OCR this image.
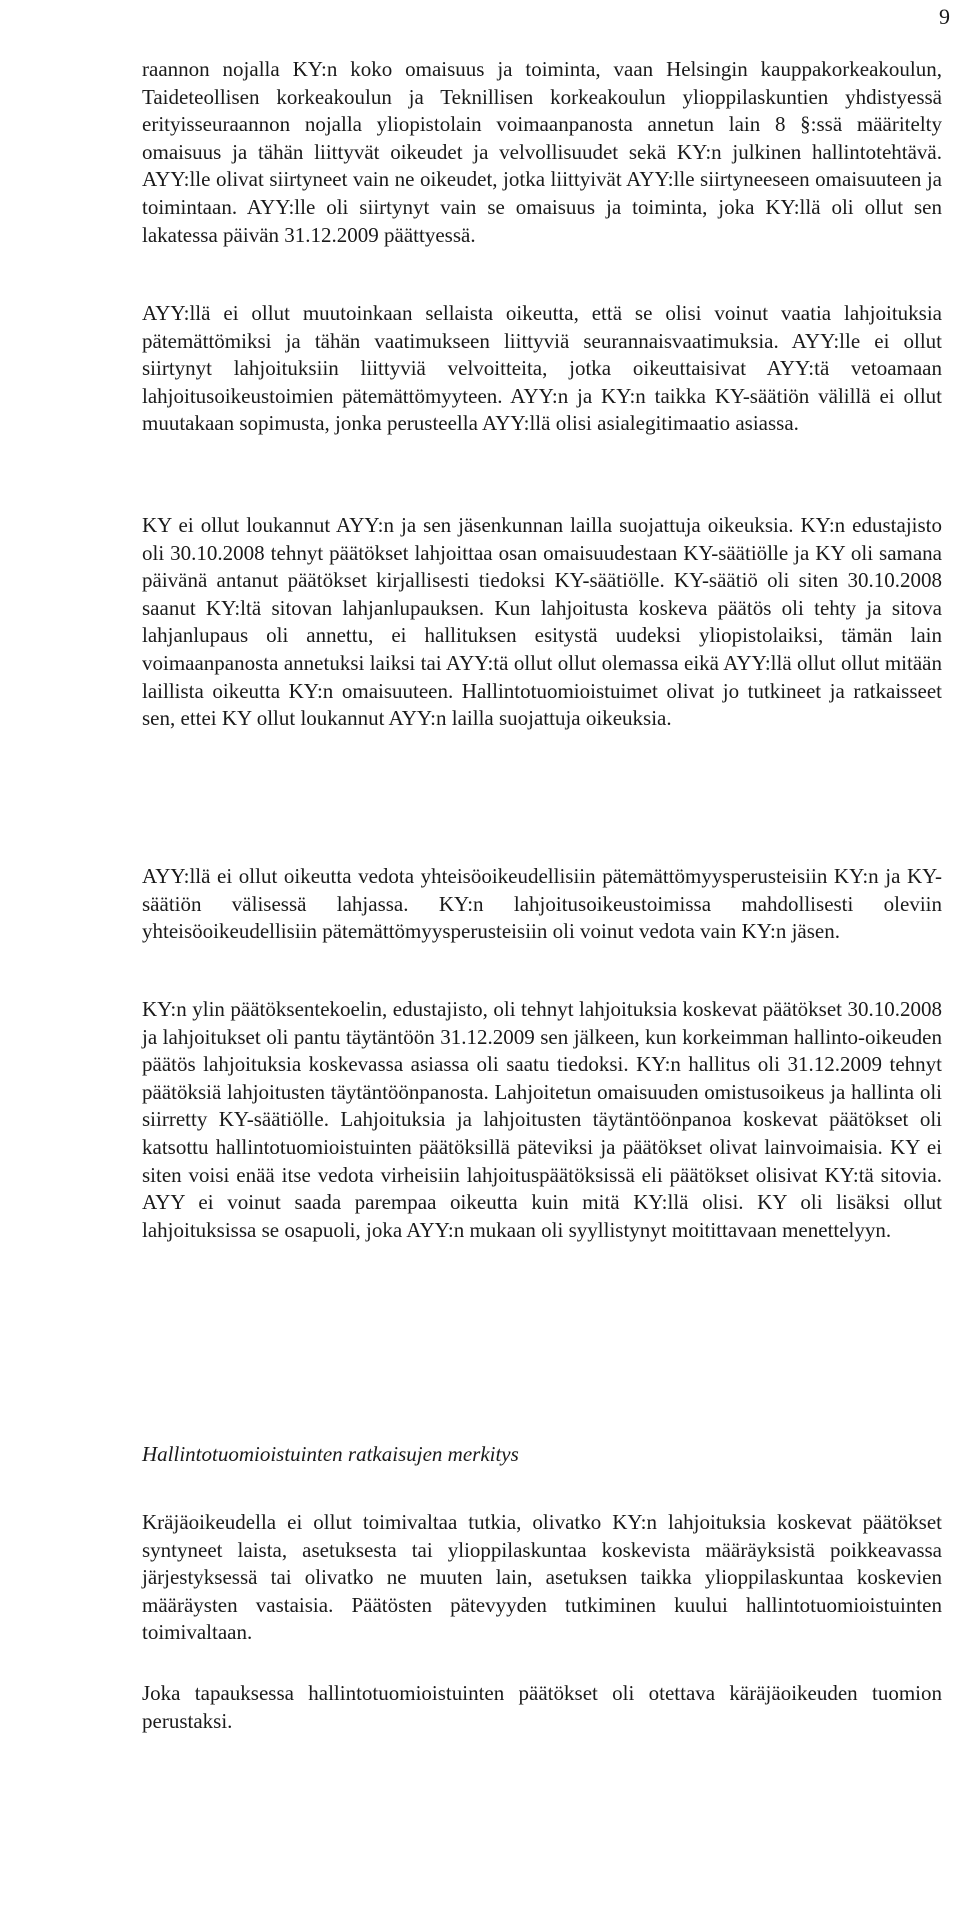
9

raannon nojalla KY:n koko omaisuus ja toiminta, vaan Helsingin kauppakorkeakoulun, Taideteollisen korkeakoulun ja Teknillisen korkeakoulun ylioppilaskuntien yhdistyessä erityisseuraannon nojalla yliopistolain voimaanpanosta annetun lain 8 §:ssä määritelty omaisuus ja tähän liittyvät oikeudet ja velvollisuudet sekä KY:n julkinen hallintotehtävä. AYY:lle olivat siirtyneet vain ne oikeudet, jotka liittyivät AYY:lle siirtyneeseen omaisuuteen ja toimintaan. AYY:lle oli siirtynyt vain se omaisuus ja toiminta, joka KY:llä oli ollut sen lakatessa päivän 31.12.2009 päättyessä.

AYY:llä ei ollut muutoinkaan sellaista oikeutta, että se olisi voinut vaatia lahjoituksia pätemättömiksi ja tähän vaatimukseen liittyviä seurannaisvaatimuksia. AYY:lle ei ollut siirtynyt lahjoituksiin liittyviä velvoitteita, jotka oikeuttaisivat AYY:tä vetoamaan lahjoitusoikeustoimien pätemättömyyteen. AYY:n ja KY:n taikka KY-säätiön välillä ei ollut muutakaan sopimusta, jonka perusteella AYY:llä olisi asialegitimaatio asiassa.

KY ei ollut loukannut AYY:n ja sen jäsenkunnan lailla suojattuja oikeuksia. KY:n edustajisto oli 30.10.2008 tehnyt päätökset lahjoittaa osan omaisuudestaan KY-säätiölle ja KY oli samana päivänä antanut päätökset kirjallisesti tiedoksi KY-säätiölle. KY-säätiö oli siten 30.10.2008 saanut KY:ltä sitovan lahjanlupauksen. Kun lahjoitusta koskeva päätös oli tehty ja sitova lahjanlupaus oli annettu, ei hallituksen esitystä uudeksi yliopistolaiksi, tämän lain voimaanpanosta annetuksi laiksi tai AYY:tä ollut ollut olemassa eikä AYY:llä ollut ollut mitään laillista oikeutta KY:n omaisuuteen. Hallintotuomioistuimet olivat jo tutkineet ja ratkaisseet sen, ettei KY ollut loukannut AYY:n lailla suojattuja oikeuksia.

AYY:llä ei ollut oikeutta vedota yhteisöoikeudellisiin pätemättömyysperusteisiin KY:n ja KY-säätiön välisessä lahjassa. KY:n lahjoitusoikeustoimissa mahdollisesti oleviin yhteisöoikeudellisiin pätemättömyysperusteisiin oli voinut vedota vain KY:n jäsen.

KY:n ylin päätöksentekoelin, edustajisto, oli tehnyt lahjoituksia koskevat päätökset 30.10.2008 ja lahjoitukset oli pantu täytäntöön 31.12.2009 sen jälkeen, kun korkeimman hallinto-oikeuden päätös lahjoituksia koskevassa asiassa oli saatu tiedoksi. KY:n hallitus oli 31.12.2009 tehnyt päätöksiä lahjoitusten täytäntöönpanosta. Lahjoitetun omaisuuden omistusoikeus ja hallinta oli siirretty KY-säätiölle. Lahjoituksia ja lahjoitusten täytäntöönpanoa koskevat päätökset oli katsottu hallintotuomioistuinten päätöksillä päteviksi ja päätökset olivat lainvoimaisia. KY ei siten voisi enää itse vedota virheisiin lahjoituspäätöksissä eli päätökset olisivat KY:tä sitovia. AYY ei voinut saada parempaa oikeutta kuin mitä KY:llä olisi. KY oli lisäksi ollut lahjoituksissa se osapuoli, joka AYY:n mukaan oli syyllistynyt moitittavaan menettelyyn.

Hallintotuomioistuinten ratkaisujen merkitys

Kräjäoikeudella ei ollut toimivaltaa tutkia, olivatko KY:n lahjoituksia koskevat päätökset syntyneet laista, asetuksesta tai ylioppilaskuntaa koskevista määräyksistä poikkeavassa järjestyksessä tai olivatko ne muuten lain, asetuksen taikka ylioppilaskuntaa koskevien määräysten vastaisia. Päätösten pätevyyden tutkiminen kuului hallintotuomioistuinten toimivaltaan.

Joka tapauksessa hallintotuomioistuinten päätökset oli otettava käräjäoikeuden tuomion perustaksi.
